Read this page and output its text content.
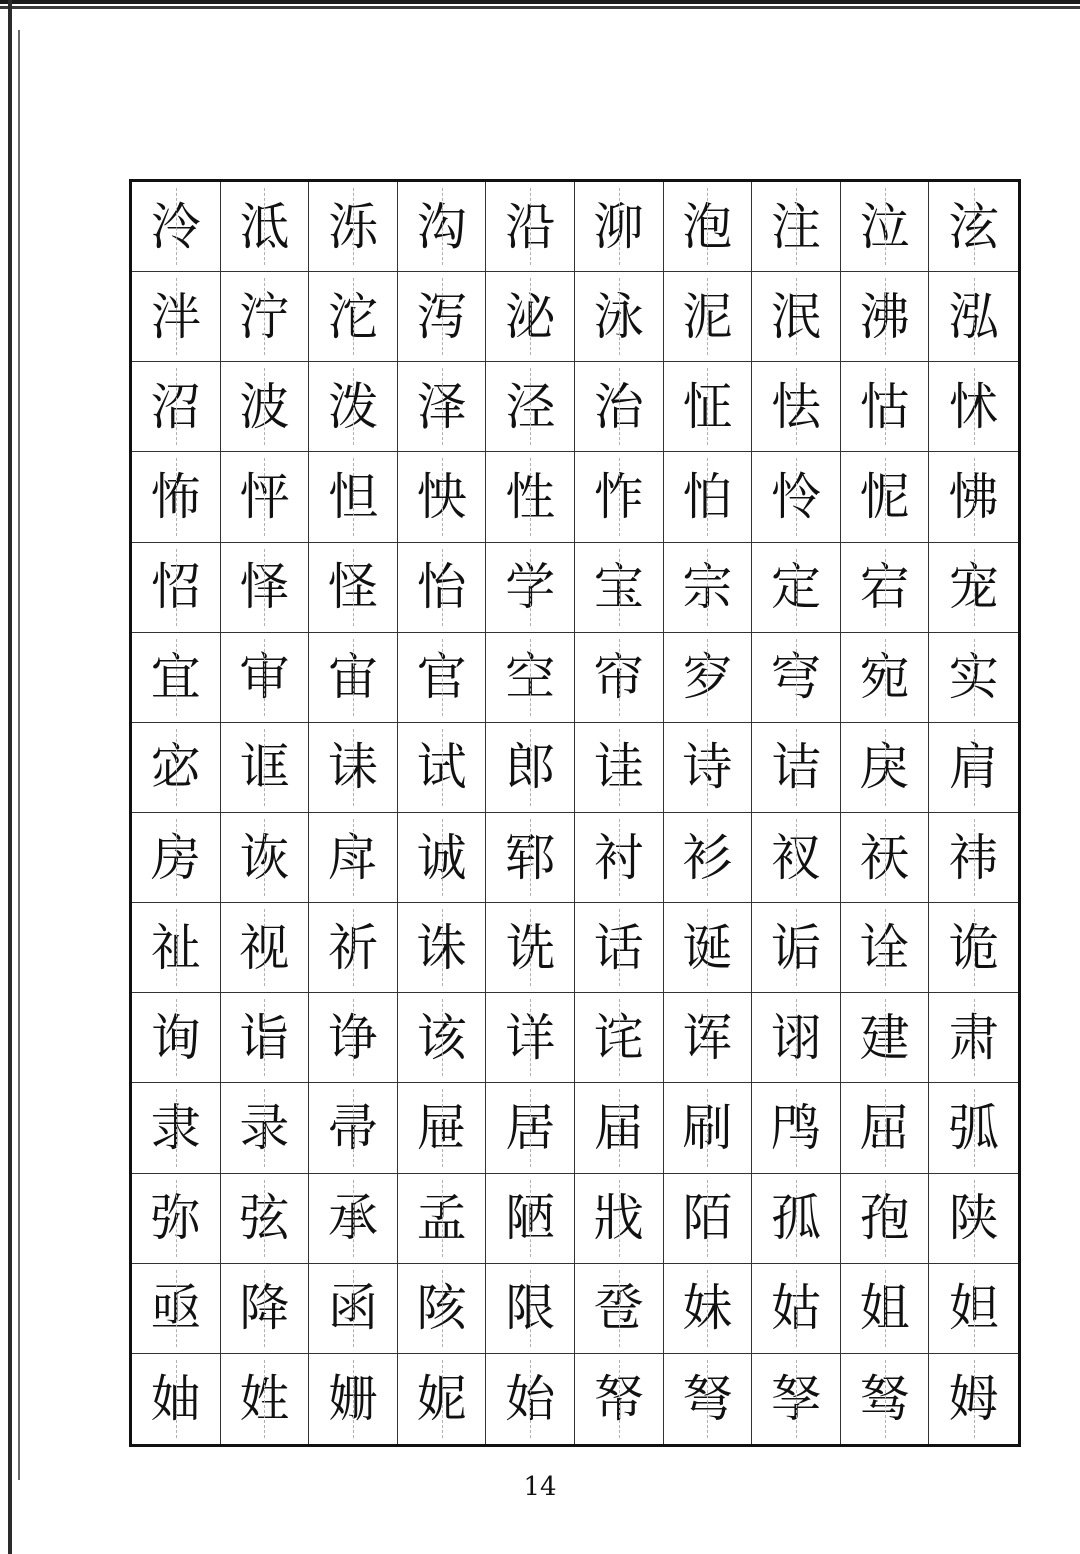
泠 泜 泺 沟 沿 泖 泡 注 泣 泫
泮 泞 沱 泻 泌 泳 泥 泯 沸 泓
沼 波 泼 泽 泾 治 怔 怯 怙 怵
怖 怦 怛 怏 性 怍 怕 怜 怩 怫
怊 怿 怪 怡 学 宝 宗 定 宕 宠
宜 审 宙 官 空 帘 穸 穹 宛 实
宓 诓 诔 试 郎 诖 诗 诘 戾 肩
房 诙 戽 诚 郓 衬 衫 衩 祆 祎
祉 视 祈 诛 诜 话 诞 诟 诠 诡
询 诣 诤 该 详 诧 诨 诩 建 肃
隶 录 帚 屉 居 届 刷 鸤 屈 弧
弥 弦 承 孟 陋 戕 陌 孤 孢 陕
亟 降 函 陔 限 卺 妹 姑 姐 妲
妯 姓 姗 妮 始 帑 弩 孥 驽 姆
14
